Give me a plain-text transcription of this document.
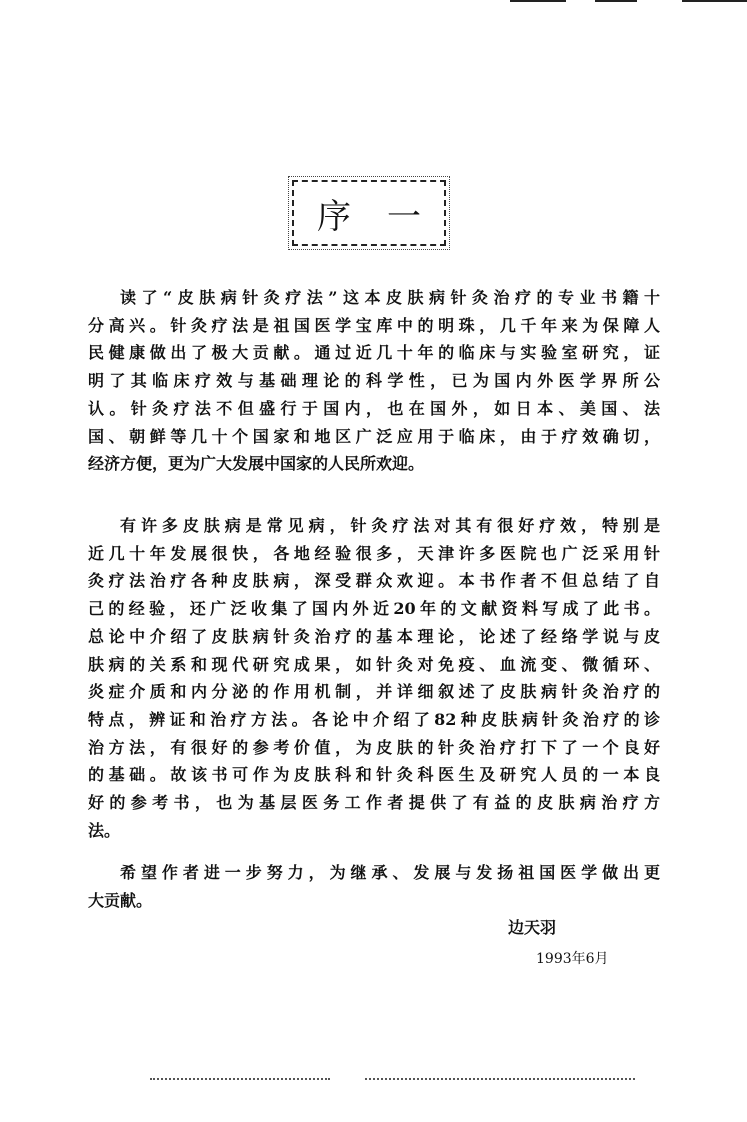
序 一
读了“皮肤病针灸疗法”这本皮肤病针灸治疗的专业书籍十
分高兴。针灸疗法是祖国医学宝库中的明珠，几千年来为保障人
民健康做出了极大贡献。通过近几十年的临床与实验室研究，证
明了其临床疗效与基础理论的科学性，已为国内外医学界所公
认。针灸疗法不但盛行于国内，也在国外，如日本、美国、法
国、朝鲜等几十个国家和地区广泛应用于临床，由于疗效确切，
经济方便，更为广大发展中国家的人民所欢迎。
有许多皮肤病是常见病，针灸疗法对其有很好疗效，特别是
近几十年发展很快，各地经验很多，天津许多医院也广泛采用针
灸疗法治疗各种皮肤病，深受群众欢迎。本书作者不但总结了自
己的经验，还广泛收集了国内外近20年的文献资料写成了此书。
总论中介绍了皮肤病针灸治疗的基本理论，论述了经络学说与皮
肤病的关系和现代研究成果，如针灸对免疫、血流变、微循环、
炎症介质和内分泌的作用机制，并详细叙述了皮肤病针灸治疗的
特点，辨证和治疗方法。各论中介绍了82种皮肤病针灸治疗的诊
治方法，有很好的参考价值，为皮肤的针灸治疗打下了一个良好
的基础。故该书可作为皮肤科和针灸科医生及研究人员的一本良
好的参考书，也为基层医务工作者提供了有益的皮肤病治疗方
法。
希望作者进一步努力，为继承、发展与发扬祖国医学做出更
大贡献。
边天羽
1993年6月
